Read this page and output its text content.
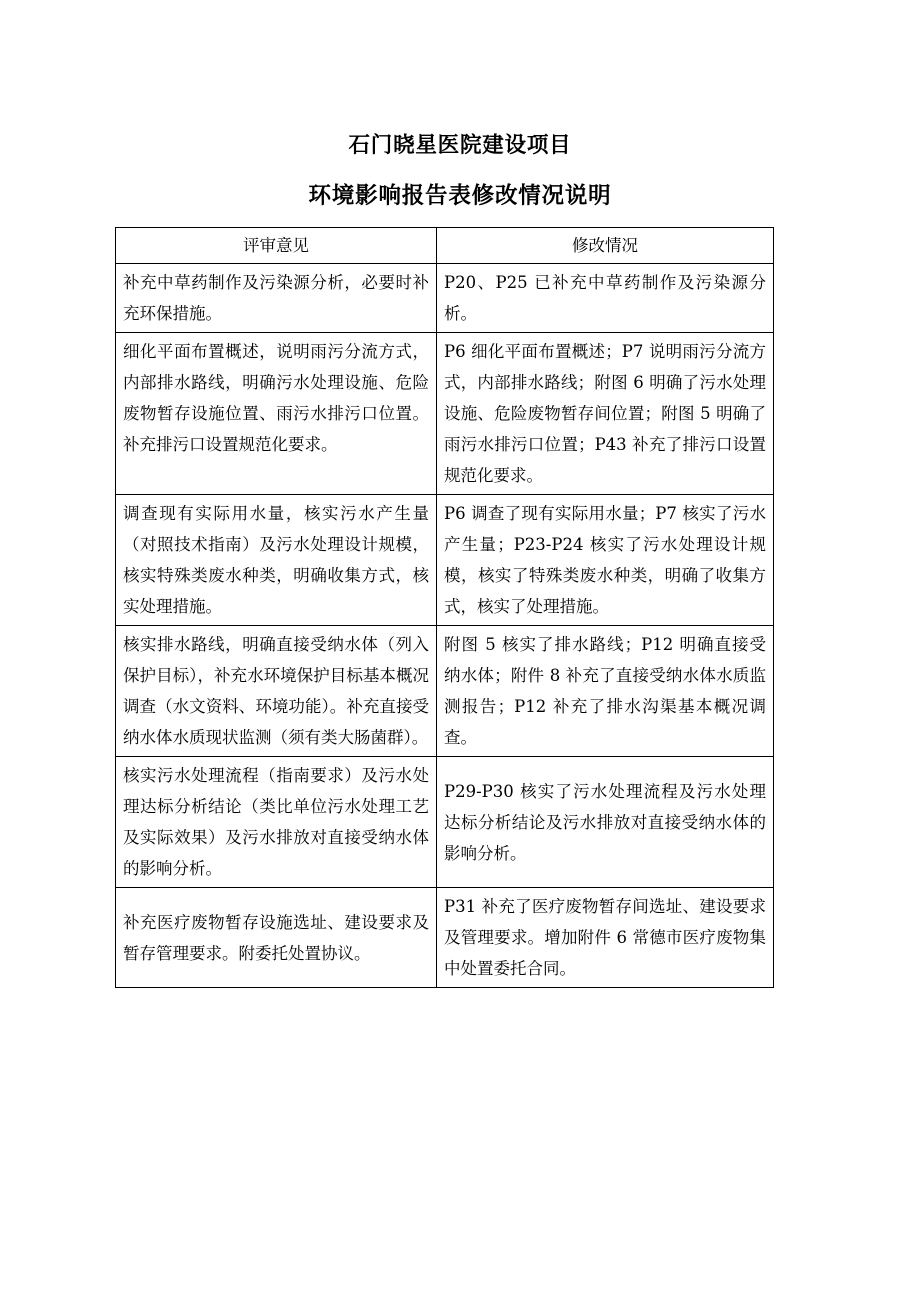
石门晓星医院建设项目
环境影响报告表修改情况说明
评审意见	修改情况
补充中草药制作及污染源分析，必要时补充环保措施。	P20、P25 已补充中草药制作及污染源分析。
细化平面布置概述，说明雨污分流方式，内部排水路线，明确污水处理设施、危险废物暂存设施位置、雨污水排污口位置。补充排污口设置规范化要求。	P6 细化平面布置概述；P7 说明雨污分流方式，内部排水路线；附图 6 明确了污水处理设施、危险废物暂存间位置；附图 5 明确了雨污水排污口位置；P43 补充了排污口设置规范化要求。
调查现有实际用水量，核实污水产生量（对照技术指南）及污水处理设计规模，核实特殊类废水种类，明确收集方式，核实处理措施。	P6 调查了现有实际用水量；P7 核实了污水产生量；P23-P24 核实了污水处理设计规模，核实了特殊类废水种类，明确了收集方式，核实了处理措施。
核实排水路线，明确直接受纳水体（列入保护目标），补充水环境保护目标基本概况调查（水文资料、环境功能）。补充直接受纳水体水质现状监测（须有类大肠菌群）。	附图 5 核实了排水路线；P12 明确直接受纳水体；附件 8 补充了直接受纳水体水质监测报告；P12 补充了排水沟渠基本概况调查。
核实污水处理流程（指南要求）及污水处理达标分析结论（类比单位污水处理工艺及实际效果）及污水排放对直接受纳水体的影响分析。	P29-P30 核实了污水处理流程及污水处理达标分析结论及污水排放对直接受纳水体的影响分析。
补充医疗废物暂存设施选址、建设要求及暂存管理要求。附委托处置协议。	P31 补充了医疗废物暂存间选址、建设要求及管理要求。增加附件 6 常德市医疗废物集中处置委托合同。
